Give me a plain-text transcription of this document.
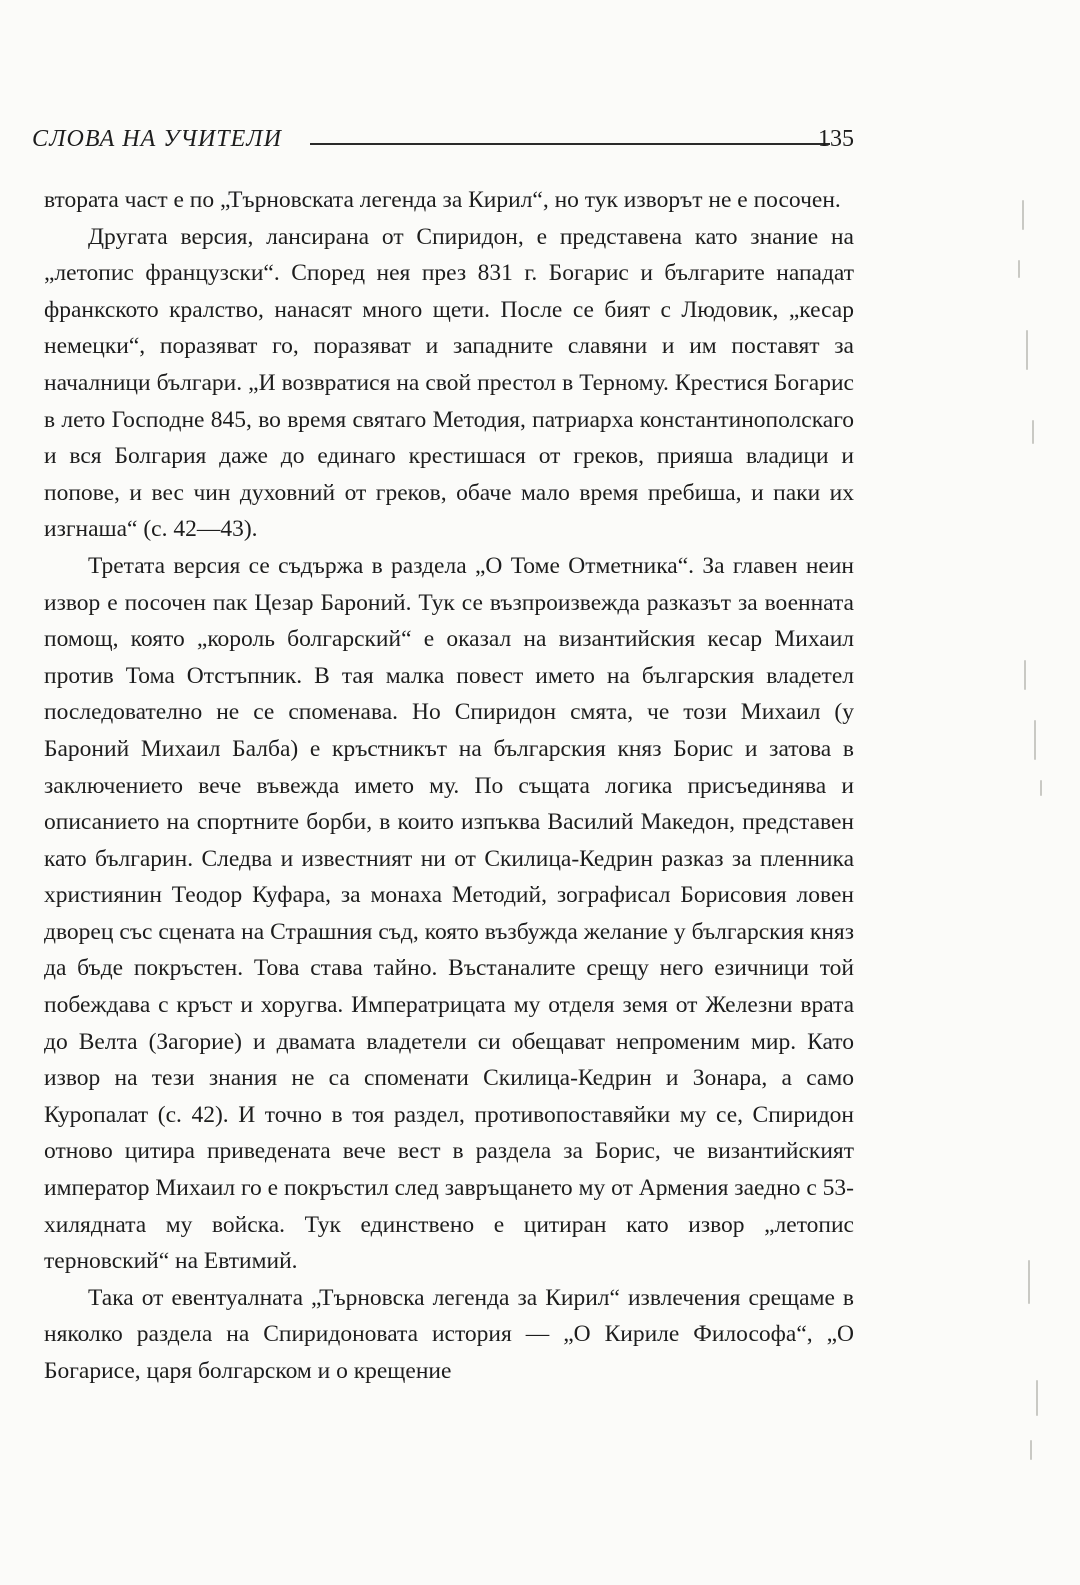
СЛОВА НА УЧИТЕЛИ	135

втората част е по „Търновската легенда за Кирил“, но тук изворът не е посочен.

Другата версия, лансирана от Спиридон, е представена като знание на „летопис французски“. Според нея през 831 г. Богарис и българите нападат франкското кралство, нанасят много щети. После се бият с Людовик, „кесар немецки“, поразяват го, поразяват и западните славяни и им поставят за началници българи. „И возвратися на свой престол в Терному. Крестися Богарис в лето Господне 845, во время святаго Методия, патриарха константинополскаго и вся Болгария даже до единаго крестишася от греков, прияша владици и попове, и вес чин духовний от греков, обаче мало время пребиша, и паки их изгнаша“ (с. 42—43).

Третата версия се съдържа в раздела „О Томе Отметника“. За главен неин извор е посочен пак Цезар Бароний. Тук се възпроизвежда разказът за военната помощ, която „король болгарский“ е оказал на византийския кесар Михаил против Тома Отстъпник. В тая малка повест името на българския владетел последователно не се споменава. Но Спиридон смята, че този Михаил (у Бароний Михаил Балба) е кръстникът на българския княз Борис и затова в заключението вече въвежда името му. По същата логика присъединява и описанието на спортните борби, в които изпъква Василий Македон, представен като българин. Следва и известният ни от Скилица-Кедрин разказ за пленника християнин Теодор Куфара, за монаха Методий, зографисал Борисовия ловен дворец със сцената на Страшния съд, която възбужда желание у българския княз да бъде покръстен. Това става тайно. Въстаналите срещу него езичници той побеждава с кръст и хоругва. Императрицата му отделя земя от Железни врата до Велта (Загорие) и двамата владетели си обещават непроменим мир. Като извор на тези знания не са споменати Скилица-Кедрин и Зонара, а само Куропалат (с. 42). И точно в тоя раздел, противопоставяйки му се, Спиридон отново цитира приведената вече вест в раздела за Борис, че византийският император Михаил го е покръстил след завръщането му от Армения заедно с 53-хилядната му войска. Тук единствено е цитиран като извор „летопис терновский“ на Евтимий.

Така от евентуалната „Търновска легенда за Кирил“ извлечения срещаме в няколко раздела на Спиридоновата история — „О Кириле Философа“, „О Богарисе, царя болгарском и о крещение
